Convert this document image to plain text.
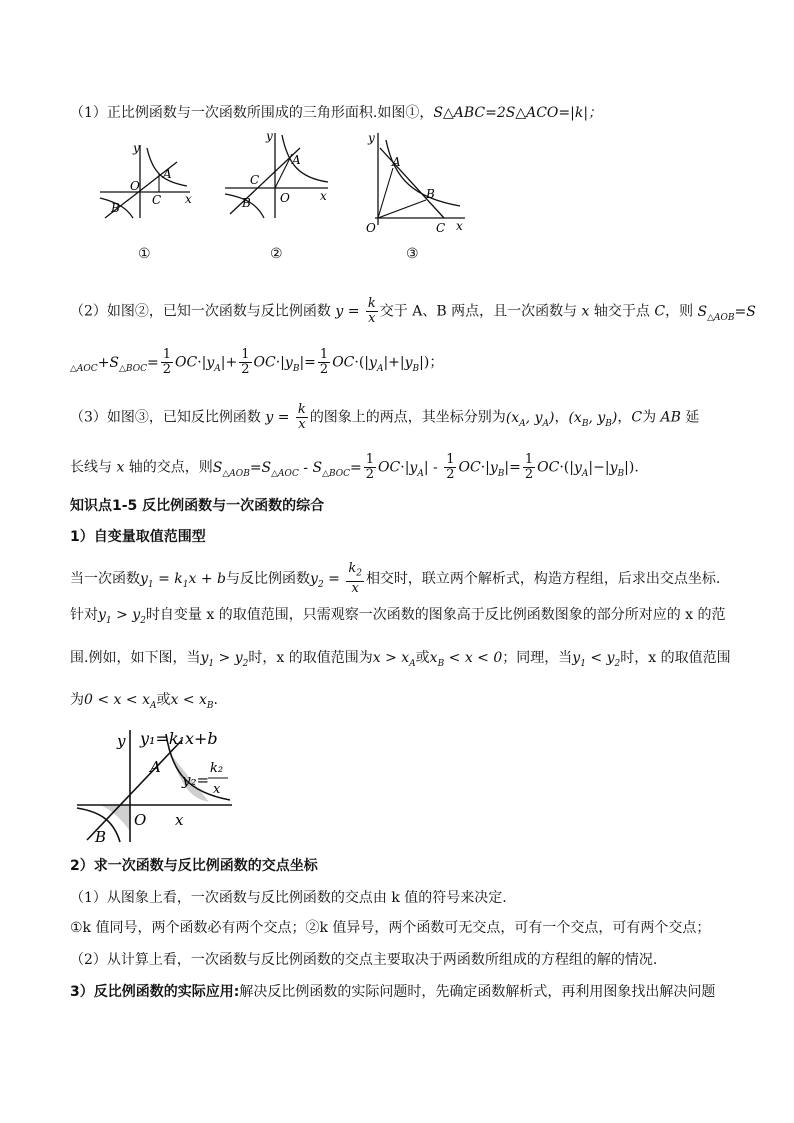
（1）正比例函数与一次函数所围成的三角形面积.如图①，S△ABC=2S△ACO=|k|；
y
x
O
A
B
C
①
y
x
O
A
B
C
②
y
x
O
A
B
C
③
（2）如图②，已知一次函数与反比例函数 $y = \frac{k}{x}$ 交于 A、B 两点，且一次函数与 x 轴交于点 C，则 $S_{\triangle AOB}=S$
$_{\triangle AOC}+S_{\triangle BOC}= \frac{1}{2} OC\cdot|y_A|+ \frac{1}{2} OC\cdot|y_B|= \frac{1}{2} OC\cdot(|y_A|+|y_B|)$；
（3）如图③，已知反比例函数 $y = \frac{k}{x}$ 的图象上的两点，其坐标分别为($x_A$, $y_A$)，($x_B$, $y_B$)，C为 AB 延
长线与 x 轴的交点，则$S_{\triangle AOB}=S_{\triangle AOC} - S_{\triangle BOC}= \frac{1}{2} OC\cdot|y_A| - \frac{1}{2} OC\cdot|y_B|= \frac{1}{2} OC\cdot(|y_A|-|y_B|)$.
知识点1-5 反比例函数与一次函数的综合
1）自变量取值范围型
当一次函数$y_1 = k_1x + b$与反比例函数$y_2 = \frac{k_2}{x}$ 相交时，联立两个解析式，构造方程组，后求出交点坐标.
针对$y_1 > y_2$时自变量 x 的取值范围，只需观察一次函数的图象高于反比例函数图象的部分所对应的 x 的范
围.例如，如下图，当$y_1 > y_2$时，x 的取值范围为$x > x_A$或$x_B < x < 0$；同理，当$y_1 < y_2$时，x 的取值范围
为$0 < x < x_A$或$x < x_B$.
y₁=k₁x+b
y
A
O x
B
y₂=
k₂
x
2）求一次函数与反比例函数的交点坐标
（1）从图象上看，一次函数与反比例函数的交点由 k 值的符号来决定.
①k 值同号，两个函数必有两个交点；②k 值异号，两个函数可无交点，可有一个交点，可有两个交点；
（2）从计算上看，一次函数与反比例函数的交点主要取决于两函数所组成的方程组的解的情况.
3）反比例函数的实际应用:解决反比例函数的实际问题时，先确定函数解析式，再利用图象找出解决问题
